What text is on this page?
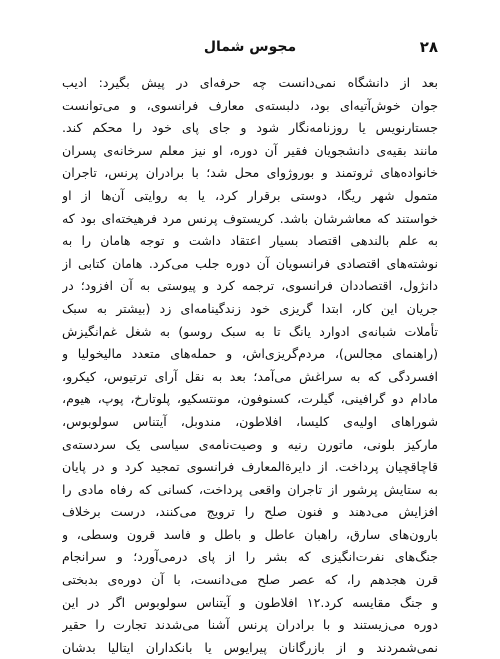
۲۸
مجوس شمال
بعد از دانشگاه نمی‌دانست چه حرفه‌ای در پیش بگیرد: ادیب
جوان خوش‌آتیه‌ای بود، دلبسته‌ی معارف فرانسوی، و می‌توانست
جستارنویس یا روزنامه‌نگار شود و جای پای خود را محکم کند.
مانند بقیه‌ی دانشجویان فقیر آن دوره، او نیز معلم سرخانه‌ی پسران
خانواده‌های ثروتمند و بوروژوای محل شد؛ با برادران پرنس، تاجران
متمول شهر ریگا، دوستی برقرار کرد، یا به روایتی آن‌ها از او
خواستند که معاشرشان باشد. کریستوف پرنس مرد فرهیخته‌ای بود که
به علم بالندهی اقتصاد بسیار اعتقاد داشت و توجه هامان را به
نوشته‌های اقتصادی فرانسویان آن دوره جلب می‌کرد. هامان کتابی از
دانژول، اقتصاددان فرانسوی، ترجمه کرد و پیوستی به آن افزود؛ در
جریان این کار، ابتدا گریزی خود زندگینامه‌ای زد (بیشتر به سبک
تأملات شبانه‌ی ادوارد یانگ تا به سبک روسو) به شغل غم‌انگیزش
(راهنمای مجالس)، مردم‌گریزی‌اش، و حمله‌های متعدد مالیخولیا و
افسردگی که به سراغش می‌آمد؛ بعد به نقل آرای ترتیوس، کیکرو،
مادام دو گرافینی، گیلرت، کسنوفون، مونتسکیو، پلوتارخ، پوپ، هیوم،
شوراهای اولیه‌ی کلیسا، افلاطون، مندوبل، آیتناس سولوبوس،
مارکیز بلونی، ماتورن رنیه و وصیت‌نامه‌ی سیاسی یک سردسته‌ی
قاچاقچیان پرداخت. از دایرةالمعارف فرانسوی تمجید کرد و در پایان
به ستایش پرشور از تاجران واقعی پرداخت، کسانی که رفاه مادی را
افزایش می‌دهند و فنون صلح را ترویج می‌کنند، درست برخلاف
بارون‌های سارق، راهبان عاطل و باطل و فاسد قرون وسطی، و
جنگ‌های نفرت‌انگیزی که بشر را از پای درمی‌آورد؛ و سرانجام
قرن هجدهم را، که عصر صلح می‌دانست، با آن دوره‌ی بدبختی
و جنگ مقایسه کرد.۱۲ افلاطون و آیتناس سولوبوس اگر در این
دوره می‌زیستند و با برادران پرنس آشنا می‌شدند تجارت را حقیر
نمی‌شمردند و از بازرگانان پیرایوس یا بانکداران ایتالیا بدشان
